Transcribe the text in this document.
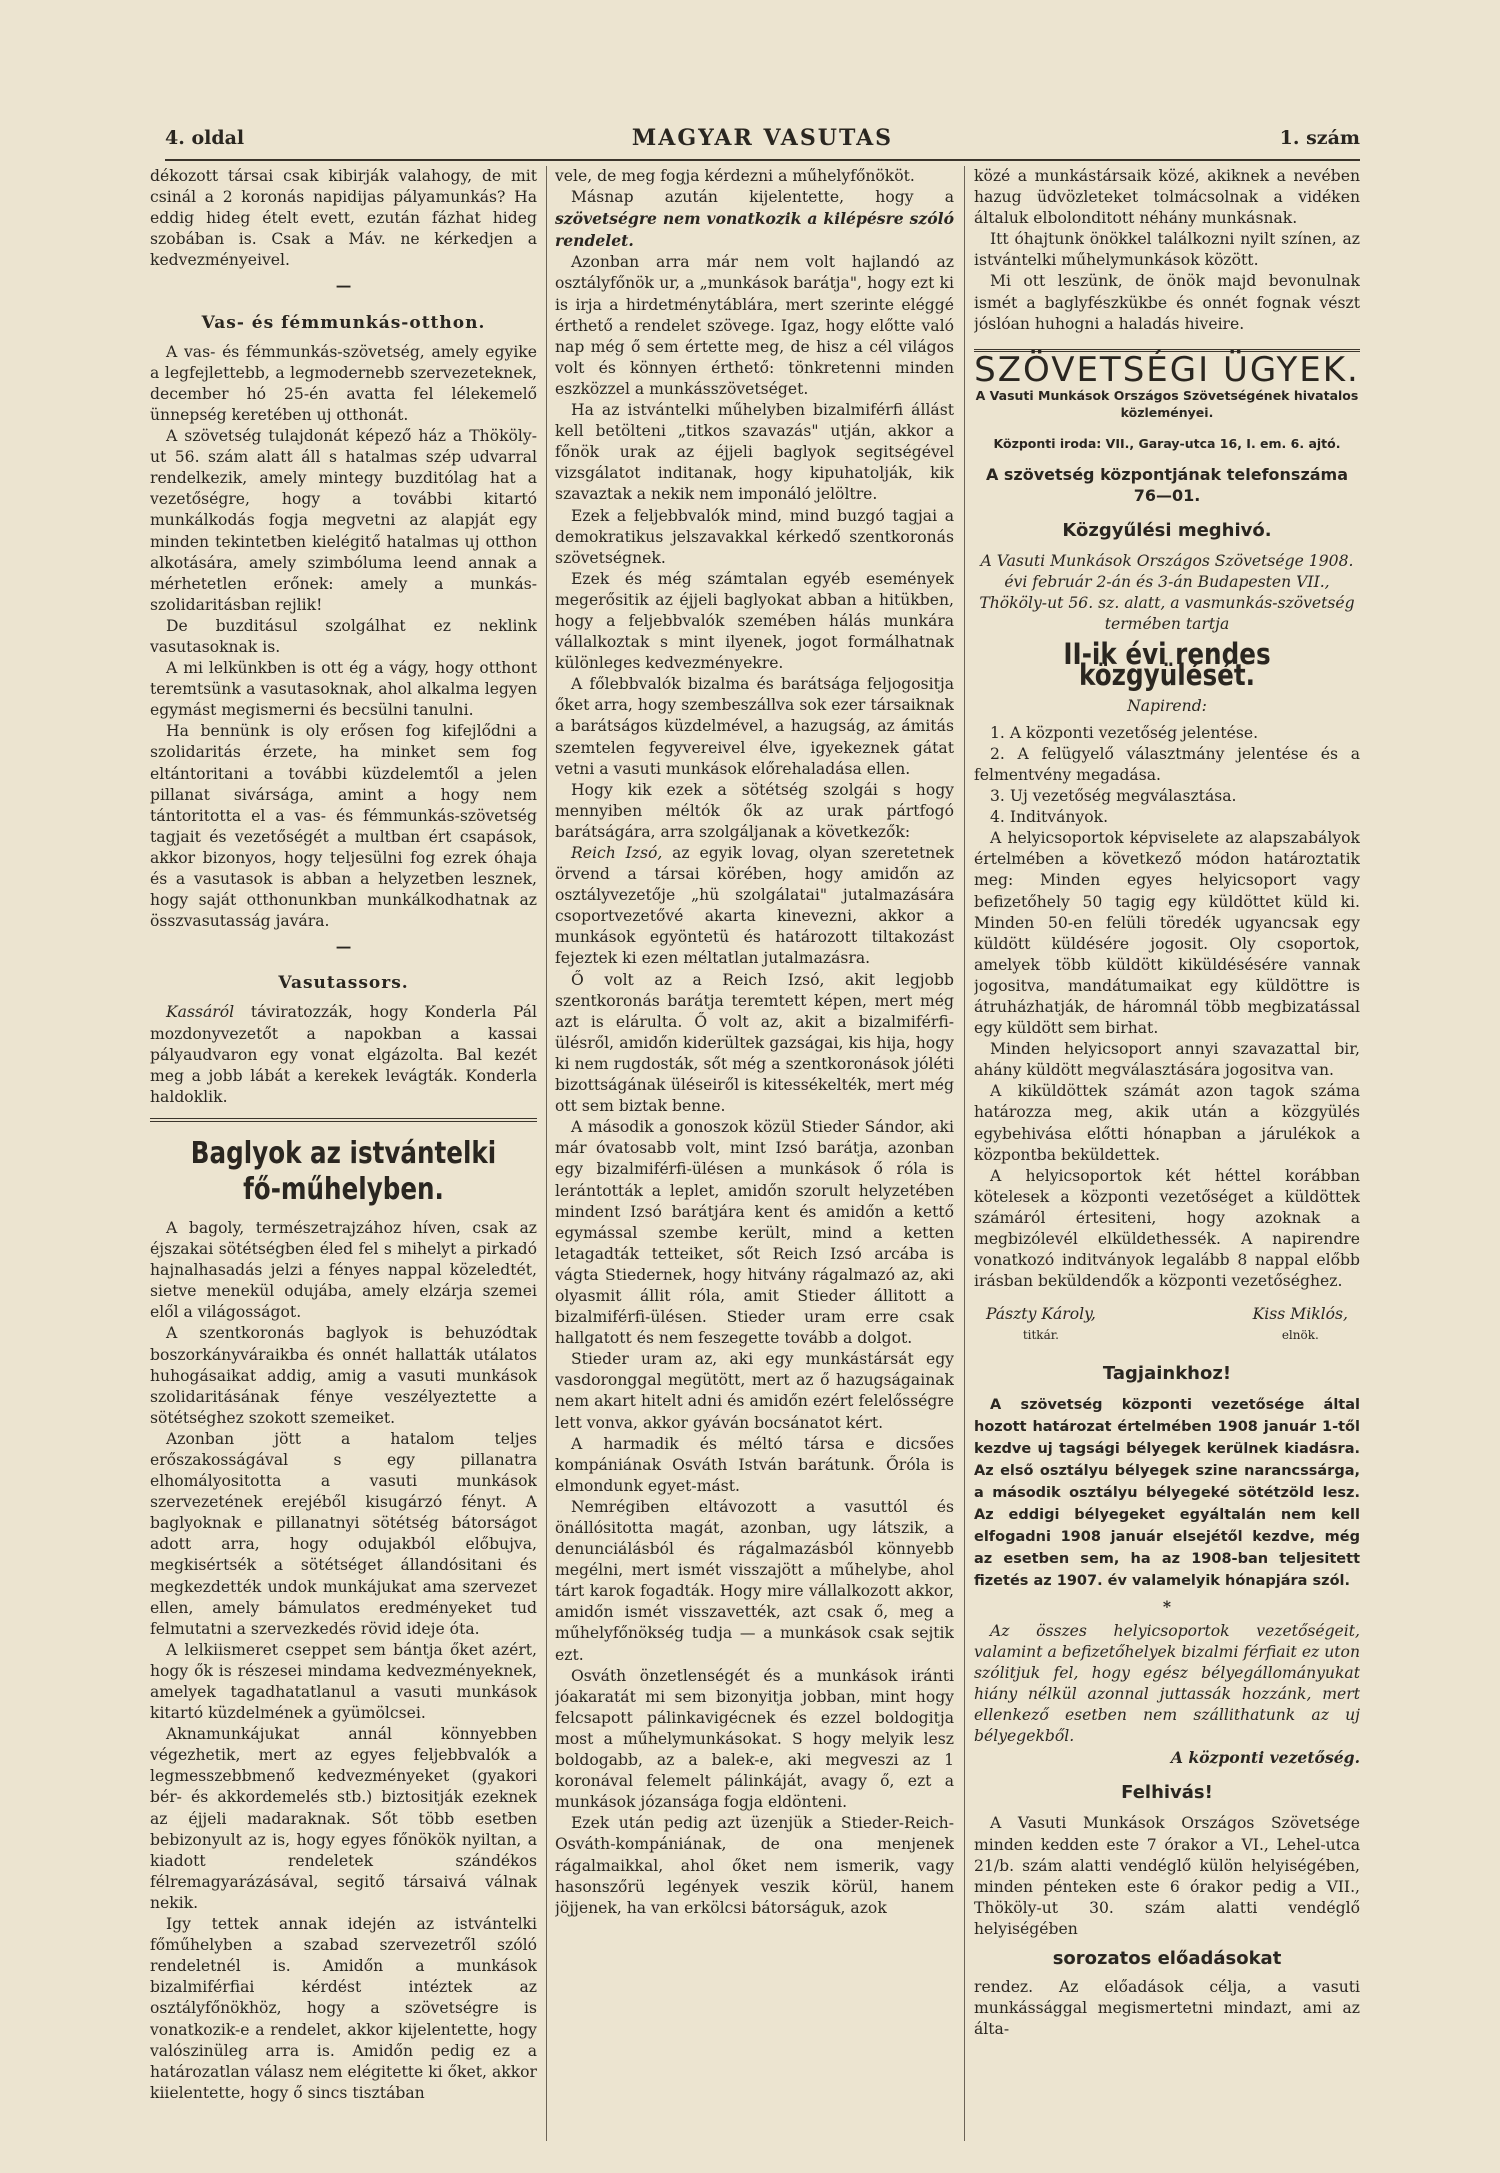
4. oldal	MAGYAR VASUTAS	1. szám

dékozott társai csak kibirják valahogy, de mit csinál a 2 koronás napidijas pályamunkás? Ha eddig hideg ételt evett, ezután fázhat hideg szobában is. Csak a Máv. ne kérkedjen a kedvezményeivel.

—

Vas- és fémmunkás-otthon.

A vas- és fémmunkás-szövetség, amely egyike a legfejlettebb, a legmodernebb szervezeteknek, december hó 25-én avatta fel lélekemelő ünnepség keretében uj otthonát.

A szövetség tulajdonát képező ház a Thököly-ut 56. szám alatt áll s hatalmas szép udvarral rendelkezik, amely mintegy buzditólag hat a vezetőségre, hogy a további kitartó munkálkodás fogja megvetni az alapját egy minden tekintetben kielégitő hatalmas uj otthon alkotására, amely szimbóluma leend annak a mérhetetlen erőnek: amely a munkás-szolidaritásban rejlik!

De buzditásul szolgálhat ez neklink vasutasoknak is.

A mi lelkünkben is ott ég a vágy, hogy otthont teremtsünk a vasutasoknak, ahol alkalma legyen egymást megismerni és becsülni tanulni.

Ha bennünk is oly erősen fog kifejlődni a szolidaritás érzete, ha minket sem fog eltántoritani a további küzdelemtől a jelen pillanat sivársága, amint a hogy nem tántoritotta el a vas- és fémmunkás-szövetség tagjait és vezetőségét a multban ért csapások, akkor bizonyos, hogy teljesülni fog ezrek óhaja és a vasutasok is abban a helyzetben lesznek, hogy saját otthonunkban munkálkodhatnak az összvasutasság javára.

—

Vasutassors.

Kassáról táviratozzák, hogy Konderla Pál mozdonyvezetőt a napokban a kassai pályaudvaron egy vonat elgázolta. Bal kezét meg a jobb lábát a kerekek levágták. Konderla haldoklik.

Baglyok az istvántelki fő-műhelyben.

A bagoly, természetrajzához híven, csak az éjszakai sötétségben éled fel s mihelyt a pirkadó hajnalhasadás jelzi a fényes nappal közeledtét, sietve menekül odujába, amely elzárja szemei elől a világosságot.

A szentkoronás baglyok is behuzódtak boszorkányváraikba és onnét hallatták utálatos huhogásaikat addig, amig a vasuti munkások szolidaritásának fénye veszélyeztette a sötétséghez szokott szemeiket.

Azonban jött a hatalom teljes erőszakosságával s egy pillanatra elhomályositotta a vasuti munkások szervezetének erejéből kisugárzó fényt. A baglyoknak e pillanatnyi sötétség bátorságot adott arra, hogy odujakból előbujva, megkisértsék a sötétséget állandósitani és megkezdették undok munkájukat ama szervezet ellen, amely bámulatos eredményeket tud felmutatni a szervezkedés rövid ideje óta.

A lelkiismeret cseppet sem bántja őket azért, hogy ők is részesei mindama kedvezményeknek, amelyek tagadhatatlanul a vasuti munkások kitartó küzdelmének a gyümölcsei.

Aknamunkájukat annál könnyebben végezhetik, mert az egyes feljebbvalók a legmesszebbmenő kedvezményeket (gyakori bér- és akkordemelés stb.) biztositják ezeknek az éjjeli madaraknak. Sőt több esetben bebizonyult az is, hogy egyes főnökök nyiltan, a kiadott rendeletek szándékos félremagyarázásával, segitő társaivá válnak nekik.

Igy tettek annak idején az istvántelki főműhelyben a szabad szervezetről szóló rendeletnél is. Amidőn a munkások bizalmiférfiai kérdést intéztek az osztályfőnökhöz, hogy a szövetségre is vonatkozik-e a rendelet, akkor kijelentette, hogy valószinüleg arra is. Amidőn pedig ez a határozatlan válasz nem elégitette ki őket, akkor kiielentette, hogy ő sincs tisztában

vele, de meg fogja kérdezni a műhelyfőnököt.

Másnap azután kijelentette, hogy a szövetségre nem vonatkozik a kilépésre szóló rendelet.

Azonban arra már nem volt hajlandó az osztályfőnök ur, a „munkások barátja", hogy ezt ki is irja a hirdetménytáblára, mert szerinte eléggé érthető a rendelet szövege. Igaz, hogy előtte való nap még ő sem értette meg, de hisz a cél világos volt és könnyen érthető: tönkretenni minden eszközzel a munkásszövetséget.

Ha az istvántelki műhelyben bizalmiférfi állást kell betölteni „titkos szavazás" utján, akkor a főnök urak az éjjeli baglyok segitségével vizsgálatot inditanak, hogy kipuhatolják, kik szavaztak a nekik nem imponáló jelöltre.

Ezek a feljebbvalók mind, mind buzgó tagjai a demokratikus jelszavakkal kérkedő szentkoronás szövetségnek.

Ezek és még számtalan egyéb események megerősitik az éjjeli baglyokat abban a hitükben, hogy a feljebbvalók szemében hálás munkára vállalkoztak s mint ilyenek, jogot formálhatnak különleges kedvezményekre.

A főlebbvalók bizalma és barátsága feljogositja őket arra, hogy szembeszállva sok ezer társaiknak a barátságos küzdelmével, a hazugság, az ámitás szemtelen fegyvereivel élve, igyekeznek gátat vetni a vasuti munkások előrehaladása ellen.

Hogy kik ezek a sötétség szolgái s hogy mennyiben méltók ők az urak pártfogó barátságára, arra szolgáljanak a következők:

Reich Izsó, az egyik lovag, olyan szeretetnek örvend a társai körében, hogy amidőn az osztályvezetője „hü szolgálatai" jutalmazására csoportvezetővé akarta kinevezni, akkor a munkások egyöntetü és határozott tiltakozást fejeztek ki ezen méltatlan jutalmazásra.

Ő volt az a Reich Izsó, akit legjobb szentkoronás barátja teremtett képen, mert még azt is elárulta. Ő volt az, akit a bizalmiférfi-ülésről, amidőn kiderültek gazságai, kis hija, hogy ki nem rugdosták, sőt még a szentkoronások jóléti bizottságának üléseiről is kitessékelték, mert még ott sem biztak benne.

A második a gonoszok közül Stieder Sándor, aki már óvatosabb volt, mint Izsó barátja, azonban egy bizalmiférfi-ülésen a munkások ő róla is lerántották a leplet, amidőn szorult helyzetében mindent Izsó barátjára kent és amidőn a kettő egymással szembe került, mind a ketten letagadták tetteiket, sőt Reich Izsó arcába is vágta Stiedernek, hogy hitvány rágalmazó az, aki olyasmit állit róla, amit Stieder állitott a bizalmiférfi-ülésen. Stieder uram erre csak hallgatott és nem feszegette tovább a dolgot.

Stieder uram az, aki egy munkástársát egy vasdoronggal megütött, mert az ő hazugságainak nem akart hitelt adni és amidőn ezért felelősségre lett vonva, akkor gyáván bocsánatot kért.

A harmadik és méltó társa e dicsőes kompániának Osváth István barátunk. Őróla is elmondunk egyet-mást.

Nemrégiben eltávozott a vasuttól és önállósitotta magát, azonban, ugy látszik, a denunciálásból és rágalmazásból könnyebb megélni, mert ismét visszajött a műhelybe, ahol tárt karok fogadták. Hogy mire vállalkozott akkor, amidőn ismét visszavették, azt csak ő, meg a műhelyfőnökség tudja — a munkások csak sejtik ezt.

Osváth önzetlenségét és a munkások iránti jóakaratát mi sem bizonyitja jobban, mint hogy felcsapott pálinkavigécnek és ezzel boldogitja most a műhelymunkásokat. S hogy melyik lesz boldogabb, az a balek-e, aki megveszi az 1 koronával felemelt pálinkáját, avagy ő, ezt a munkások józansága fogja eldönteni.

Ezek után pedig azt üzenjük a Stieder-Reich-Osváth-kompániának, de ona menjenek rágalmaikkal, ahol őket nem ismerik, vagy hasonszőrü legények veszik körül, hanem jöjjenek, ha van erkölcsi bátorságuk, azok

közé a munkástársaik közé, akiknek a nevében hazug üdvözleteket tolmácsolnak a vidéken általuk elbolonditott néhány munkásnak.

Itt óhajtunk önökkel találkozni nyilt színen, az istvántelki műhelymunkások között.

Mi ott leszünk, de önök majd bevonulnak ismét a baglyfészkükbe és onnét fognak vészt jóslóan huhogni a haladás hiveire.

SZÖVETSÉGI ÜGYEK.

A Vasuti Munkások Országos Szövetségének hivatalos közleményei.

Központi iroda: VII., Garay-utca 16, I. em. 6. ajtó.

A szövetség központjának telefonszáma 76—01.

Közgyűlési meghivó.

A Vasuti Munkások Országos Szövetsége 1908. évi február 2-án és 3-án Budapesten VII., Thököly-ut 56. sz. alatt, a vasmunkás-szövetség termében tartja

II-ik évi rendes közgyülését.

Napirend:

1. A központi vezetőség jelentése.

2. A felügyelő választmány jelentése és a felmentvény megadása.

3. Uj vezetőség megválasztása.

4. Inditványok.

A helyicsoportok képviselete az alapszabályok értelmében a következő módon határoztatik meg: Minden egyes helyicsoport vagy befizetőhely 50 tagig egy küldöttet küld ki. Minden 50-en felüli töredék ugyancsak egy küldött küldésére jogosit. Oly csoportok, amelyek több küldött kiküldésésére vannak jogositva, mandátumaikat egy küldöttre is átruházhatják, de háromnál több megbizatással egy küldött sem birhat.

Minden helyicsoport annyi szavazattal bir, ahány küldött megválasztására jogositva van.

A kiküldöttek számát azon tagok száma határozza meg, akik után a közgyülés egybehivása előtti hónapban a járulékok a központba beküldettek.

A helyicsoportok két héttel korábban kötelesek a központi vezetőséget a küldöttek számáról értesiteni, hogy azoknak a megbizólevél elküldethessék. A napirendre vonatkozó inditványok legalább 8 nappal előbb irásban beküldendők a központi vezetőséghez.

Pászty Károly,
titkár.
Kiss Miklós,
elnök.

Tagjainkhoz!

A szövetség központi vezetősége által hozott határozat értelmében 1908 január 1-től kezdve uj tagsági bélyegek kerülnek kiadásra. Az első osztályu bélyegek szine narancssárga, a második osztályu bélyegeké sötétzöld lesz. Az eddigi bélyegeket egyáltalán nem kell elfogadni 1908 január elsejétől kezdve, még az esetben sem, ha az 1908-ban teljesitett fizetés az 1907. év valamelyik hónapjára szól.

*

Az összes helyicsoportok vezetőségeit, valamint a befizetőhelyek bizalmi férfiait ez uton szólitjuk fel, hogy egész bélyegállományukat hiány nélkül azonnal juttassák hozzánk, mert ellenkező esetben nem szállithatunk az uj bélyegekből.

A központi vezetőség.

Felhivás!

A Vasuti Munkások Országos Szövetsége minden kedden este 7 órakor a VI., Lehel-utca 21/b. szám alatti vendéglő külön helyiségében, minden pénteken este 6 órakor pedig a VII., Thököly-ut 30. szám alatti vendéglő helyiségében

sorozatos előadásokat

rendez. Az előadások célja, a vasuti munkássággal megismertetni mindazt, ami az álta-
